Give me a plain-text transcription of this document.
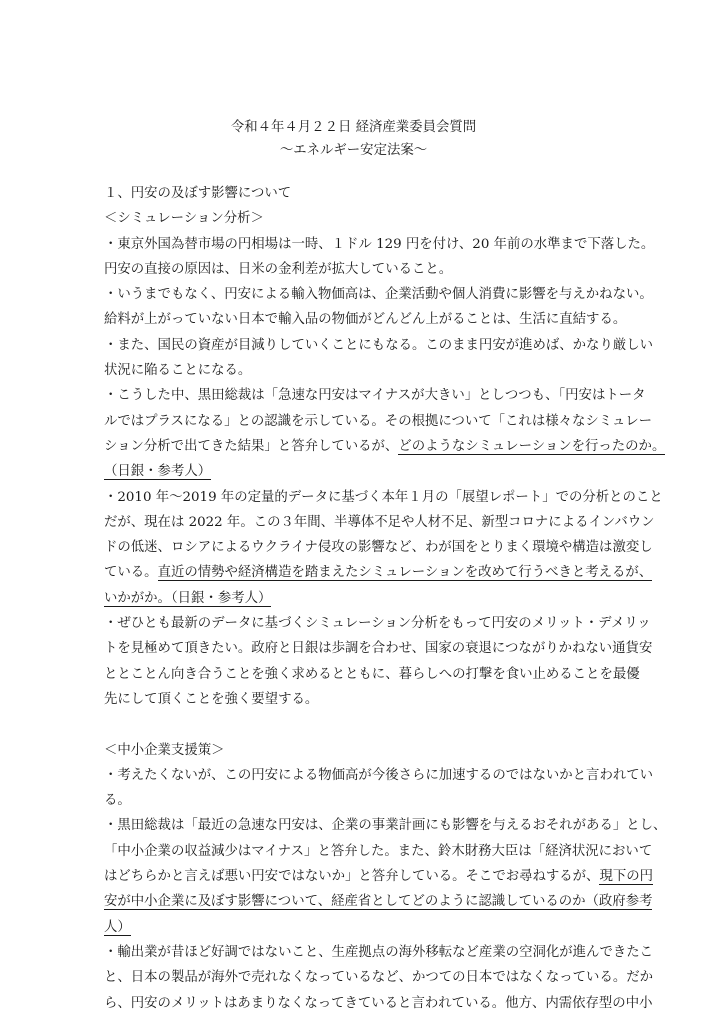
令和４年４月２２日 経済産業委員会質問
～エネルギー安定法案～
１、円安の及ぼす影響について
＜シミュレーション分析＞
・東京外国為替市場の円相場は一時、１ドル 129 円を付け、20 年前の水準まで下落した。
円安の直接の原因は、日米の金利差が拡大していること。
・いうまでもなく、円安による輸入物価高は、企業活動や個人消費に影響を与えかねない。
給料が上がっていない日本で輸入品の物価がどんどん上がることは、生活に直結する。
・また、国民の資産が目減りしていくことにもなる。このまま円安が進めば、かなり厳しい
状況に陥ることになる。
・こうした中、黒田総裁は「急速な円安はマイナスが大きい」としつつも、「円安はトータ
ルではプラスになる」との認識を示している。その根拠について「これは様々なシミュレー
ション分析で出てきた結果」と答弁しているが、どのようなシミュレーションを行ったのか。
（日銀・参考人）
・2010 年～2019 年の定量的データに基づく本年１月の「展望レポート」での分析とのこと
だが、現在は 2022 年。この３年間、半導体不足や人材不足、新型コロナによるインバウン
ドの低迷、ロシアによるウクライナ侵攻の影響など、わが国をとりまく環境や構造は激変し
ている。直近の情勢や経済構造を踏まえたシミュレーションを改めて行うべきと考えるが、
いかがか。（日銀・参考人）
・ぜひとも最新のデータに基づくシミュレーション分析をもって円安のメリット・デメリッ
トを見極めて頂きたい。政府と日銀は歩調を合わせ、国家の衰退につながりかねない通貨安
ととことん向き合うことを強く求めるとともに、暮らしへの打撃を食い止めることを最優
先にして頂くことを強く要望する。
＜中小企業支援策＞
・考えたくないが、この円安による物価高が今後さらに加速するのではないかと言われてい
る。
・黒田総裁は「最近の急速な円安は、企業の事業計画にも影響を与えるおそれがある」とし、
「中小企業の収益減少はマイナス」と答弁した。また、鈴木財務大臣は「経済状況において
はどちらかと言えば悪い円安ではないか」と答弁している。そこでお尋ねするが、現下の円
安が中小企業に及ぼす影響について、経産省としてどのように認識しているのか（政府参考
人）
・輸出業が昔ほど好調ではないこと、生産拠点の海外移転など産業の空洞化が進んできたこ
と、日本の製品が海外で売れなくなっているなど、かつての日本ではなくなっている。だか
ら、円安のメリットはあまりなくなってきていると言われている。他方、内需依存型の中小
